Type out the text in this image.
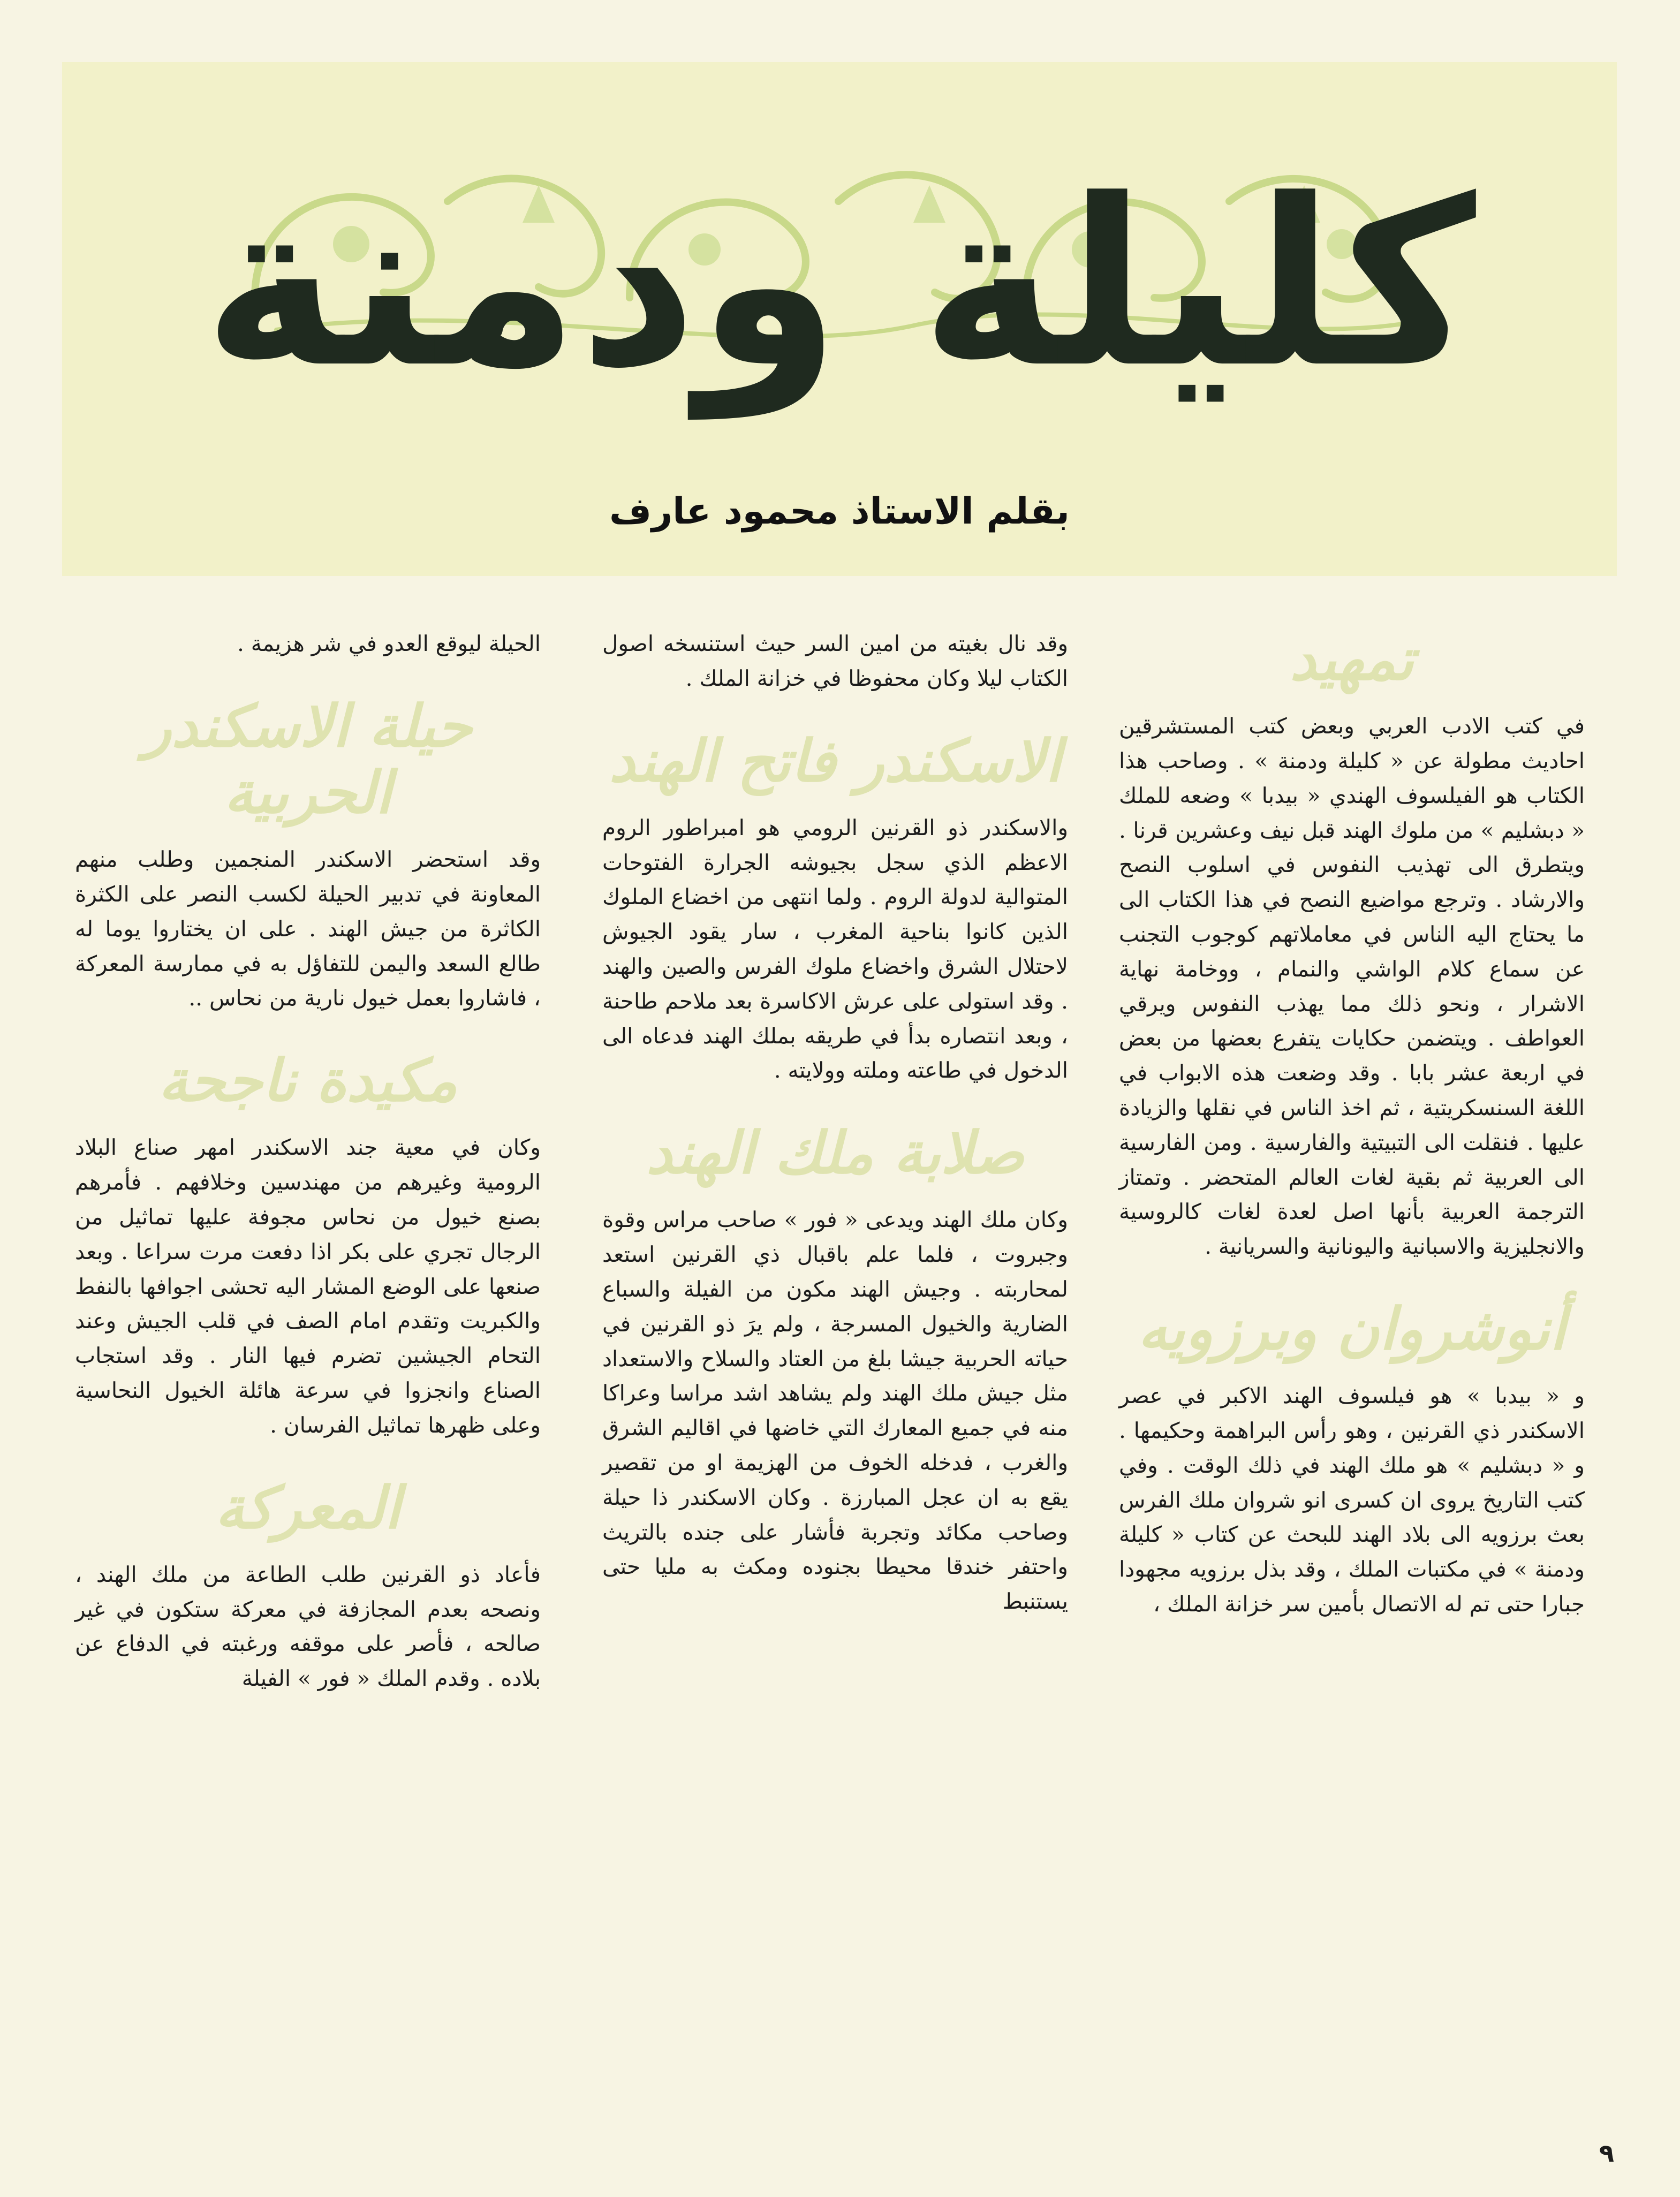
كليلة ودمنة
بقلم الاستاذ محمود عارف
تمهيد

في كتب الادب العربي وبعض كتب المستشرقين احاديث مطولة عن « كليلة ودمنة » . وصاحب هذا الكتاب هو الفيلسوف الهندي « بيدبا » وضعه للملك « دبشليم » من ملوك الهند قبل نيف وعشرين قرنا . ويتطرق الى تهذيب النفوس في اسلوب النصح والارشاد . وترجع مواضيع النصح في هذا الكتاب الى ما يحتاج اليه الناس في معاملاتهم كوجوب التجنب عن سماع كلام الواشي والنمام ، ووخامة نهاية الاشرار ، ونحو ذلك مما يهذب النفوس ويرقي العواطف . ويتضمن حكايات يتفرع بعضها من بعض في اربعة عشر بابا . وقد وضعت هذه الابواب في اللغة السنسكريتية ، ثم اخذ الناس في نقلها والزيادة عليها . فنقلت الى التبيتية والفارسية . ومن الفارسية الى العربية ثم بقية لغات العالم المتحضر . وتمتاز الترجمة العربية بأنها اصل لعدة لغات كالروسية والانجليزية والاسبانية واليونانية والسريانية .

أنوشروان وبرزويه

و « بيدبا » هو فيلسوف الهند الاكبر في عصر الاسكندر ذي القرنين ، وهو رأس البراهمة وحكيمها . و « دبشليم » هو ملك الهند في ذلك الوقت . وفي كتب التاريخ يروى ان كسرى انو شروان ملك الفرس بعث برزويه الى بلاد الهند للبحث عن كتاب « كليلة ودمنة » في مكتبات الملك ، وقد بذل برزويه مجهودا جبارا حتى تم له الاتصال بأمين سر خزانة الملك ،

وقد نال بغيته من امين السر حيث استنسخه اصول الكتاب ليلا وكان محفوظا في خزانة الملك .

الاسكندر فاتح الهند

والاسكندر ذو القرنين الرومي هو امبراطور الروم الاعظم الذي سجل بجيوشه الجرارة الفتوحات المتوالية لدولة الروم . ولما انتهى من اخضاع الملوك الذين كانوا بناحية المغرب ، سار يقود الجيوش لاحتلال الشرق واخضاع ملوك الفرس والصين والهند . وقد استولى على عرش الاكاسرة بعد ملاحم طاحنة ، وبعد انتصاره بدأ في طريقه بملك الهند فدعاه الى الدخول في طاعته وملته وولايته .

صلابة ملك الهند

وكان ملك الهند ويدعى « فور » صاحب مراس وقوة وجبروت ، فلما علم باقبال ذي القرنين استعد لمحاربته . وجيش الهند مكون من الفيلة والسباع الضارية والخيول المسرجة ، ولم يرَ ذو القرنين في حياته الحربية جيشا بلغ من العتاد والسلاح والاستعداد مثل جيش ملك الهند ولم يشاهد اشد مراسا وعراكا منه في جميع المعارك التي خاضها في اقاليم الشرق والغرب ، فدخله الخوف من الهزيمة او من تقصير يقع به ان عجل المبارزة . وكان الاسكندر ذا حيلة وصاحب مكائد وتجربة فأشار على جنده بالتريث واحتفر خندقا محيطا بجنوده ومكث به مليا حتى يستنبط

الحيلة ليوقع العدو في شر هزيمة .

حيلة الاسكندر الحربية

وقد استحضر الاسكندر المنجمين وطلب منهم المعاونة في تدبير الحيلة لكسب النصر على الكثرة الكاثرة من جيش الهند . على ان يختاروا يوما له طالع السعد واليمن للتفاؤل به في ممارسة المعركة ، فاشاروا بعمل خيول نارية من نحاس ..

مكيدة ناجحة

وكان في معية جند الاسكندر امهر صناع البلاد الرومية وغيرهم من مهندسين وخلافهم . فأمرهم بصنع خيول من نحاس مجوفة عليها تماثيل من الرجال تجري على بكر اذا دفعت مرت سراعا . وبعد صنعها على الوضع المشار اليه تحشى اجوافها بالنفط والكبريت وتقدم امام الصف في قلب الجيش وعند التحام الجيشين تضرم فيها النار . وقد استجاب الصناع وانجزوا في سرعة هائلة الخيول النحاسية وعلى ظهرها تماثيل الفرسان .

المعركة

فأعاد ذو القرنين طلب الطاعة من ملك الهند ، ونصحه بعدم المجازفة في معركة ستكون في غير صالحه ، فأصر على موقفه ورغبته في الدفاع عن بلاده . وقدم الملك « فور » الفيلة

٩
